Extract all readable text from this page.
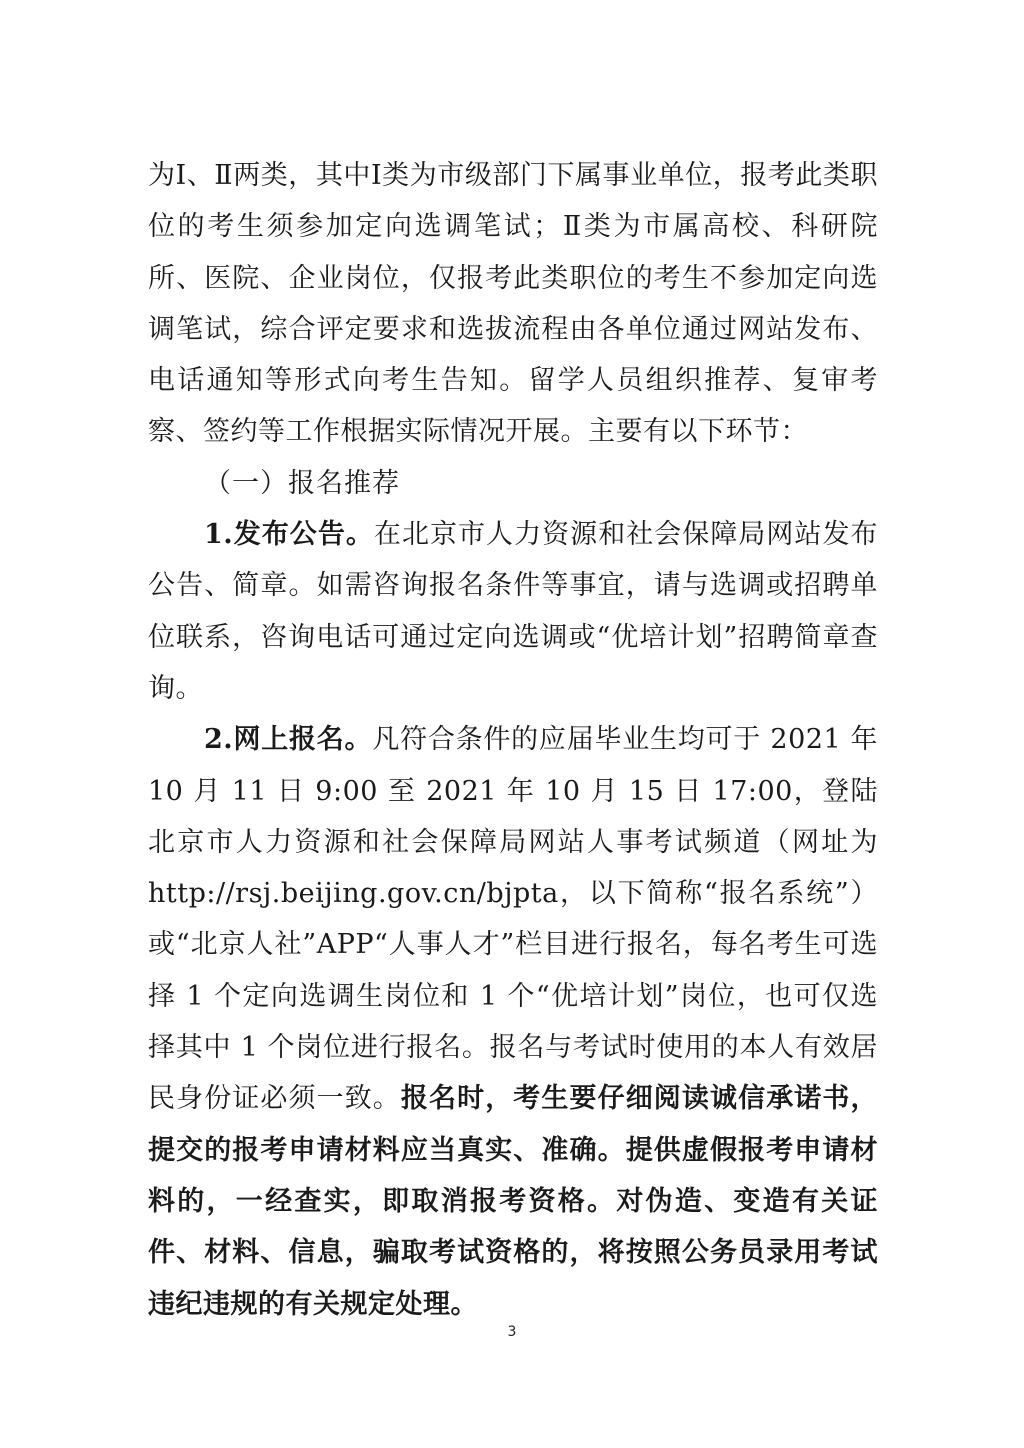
为Ⅰ、Ⅱ两类，其中Ⅰ类为市级部门下属事业单位，报考此类职位的考生须参加定向选调笔试；Ⅱ类为市属高校、科研院所、医院、企业岗位，仅报考此类职位的考生不参加定向选调笔试，综合评定要求和选拔流程由各单位通过网站发布、电话通知等形式向考生告知。留学人员组织推荐、复审考察、签约等工作根据实际情况开展。主要有以下环节：

（一）报名推荐

1.发布公告。在北京市人力资源和社会保障局网站发布公告、简章。如需咨询报名条件等事宜，请与选调或招聘单位联系，咨询电话可通过定向选调或“优培计划”招聘简章查询。

2.网上报名。凡符合条件的应届毕业生均可于 2021 年 10 月 11 日 9:00 至 2021 年 10 月 15 日 17:00，登陆北京市人力资源和社会保障局网站人事考试频道（网址为 http://rsj.beijing.gov.cn/bjpta，以下简称“报名系统”）或“北京人社”APP“人事人才”栏目进行报名，每名考生可选择 1 个定向选调生岗位和 1 个“优培计划”岗位，也可仅选择其中 1 个岗位进行报名。报名与考试时使用的本人有效居民身份证必须一致。报名时，考生要仔细阅读诚信承诺书，提交的报考申请材料应当真实、准确。提供虚假报考申请材料的，一经查实，即取消报考资格。对伪造、变造有关证件、材料、信息，骗取考试资格的，将按照公务员录用考试违纪违规的有关规定处理。

3
